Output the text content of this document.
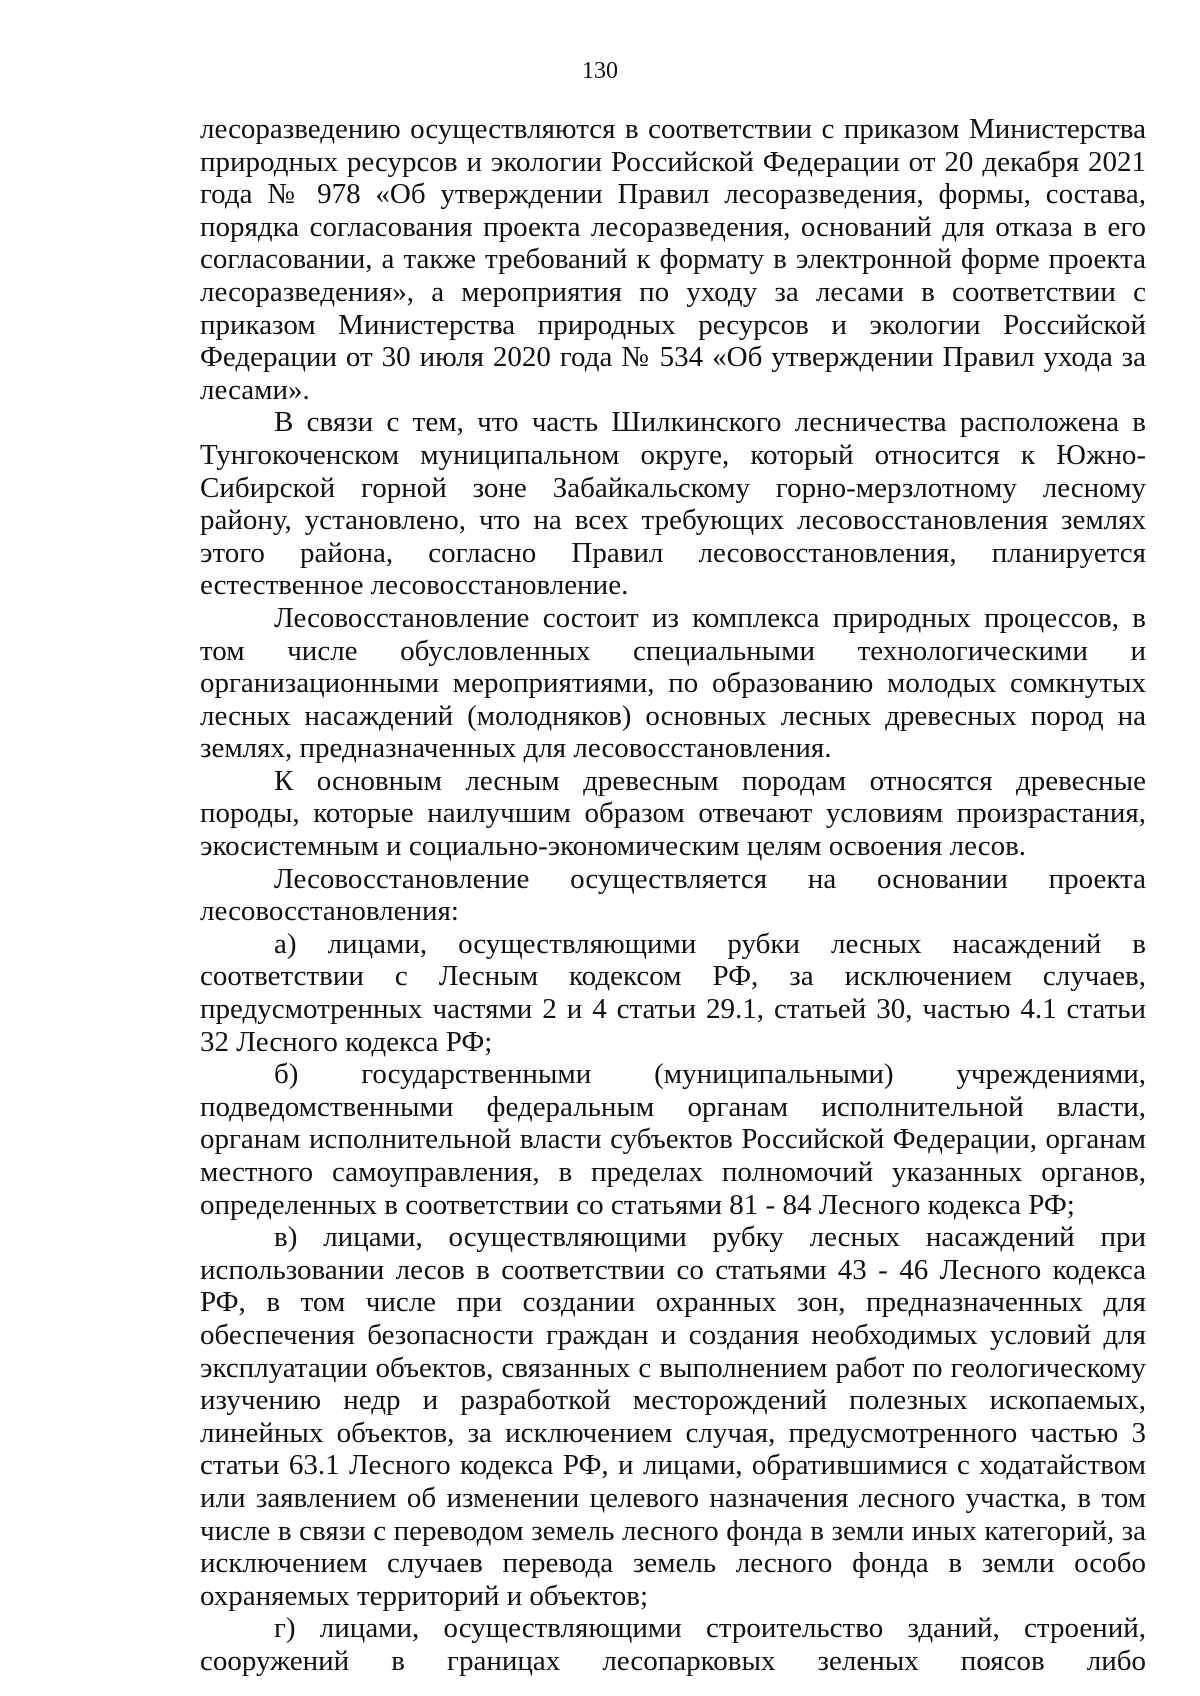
130

лесоразведению осуществляются в соответствии с приказом Министерства природных ресурсов и экологии Российской Федерации от 20 декабря 2021 года № 978 «Об утверждении Правил лесоразведения, формы, состава, порядка согласования проекта лесоразведения, оснований для отказа в его согласовании, а также требований к формату в электронной форме проекта лесоразведения», а мероприятия по уходу за лесами в соответствии с приказом Министерства природных ресурсов и экологии Российской Федерации от 30 июля 2020 года № 534 «Об утверждении Правил ухода за лесами».

В связи с тем, что часть Шилкинского лесничества расположена в Тунгокоченском муниципальном округе, который относится к Южно-Сибирской горной зоне Забайкальскому горно-мерзлотному лесному району, установлено, что на всех требующих лесовосстановления землях этого района, согласно Правил лесовосстановления, планируется естественное лесовосстановление.

Лесовосстановление состоит из комплекса природных процессов, в том числе обусловленных специальными технологическими и организационными мероприятиями, по образованию молодых сомкнутых лесных насаждений (молодняков) основных лесных древесных пород на землях, предназначенных для лесовосстановления.

К основным лесным древесным породам относятся древесные породы, которые наилучшим образом отвечают условиям произрастания, экосистемным и социально-экономическим целям освоения лесов.

Лесовосстановление осуществляется на основании проекта лесовосстановления:

а) лицами, осуществляющими рубки лесных насаждений в соответствии с Лесным кодексом РФ, за исключением случаев, предусмотренных частями 2 и 4 статьи 29.1, статьей 30, частью 4.1 статьи 32 Лесного кодекса РФ;

б) государственными (муниципальными) учреждениями, подведомственными федеральным органам исполнительной власти, органам исполнительной власти субъектов Российской Федерации, органам местного самоуправления, в пределах полномочий указанных органов, определенных в соответствии со статьями 81 - 84 Лесного кодекса РФ;

в) лицами, осуществляющими рубку лесных насаждений при использовании лесов в соответствии со статьями 43 - 46 Лесного кодекса РФ, в том числе при создании охранных зон, предназначенных для обеспечения безопасности граждан и создания необходимых условий для эксплуатации объектов, связанных с выполнением работ по геологическому изучению недр и разработкой месторождений полезных ископаемых, линейных объектов, за исключением случая, предусмотренного частью 3 статьи 63.1 Лесного кодекса РФ, и лицами, обратившимися с ходатайством или заявлением об изменении целевого назначения лесного участка, в том числе в связи с переводом земель лесного фонда в земли иных категорий, за исключением случаев перевода земель лесного фонда в земли особо охраняемых территорий и объектов;

г) лицами, осуществляющими строительство зданий, строений, сооружений в границах лесопарковых зеленых поясов либо
